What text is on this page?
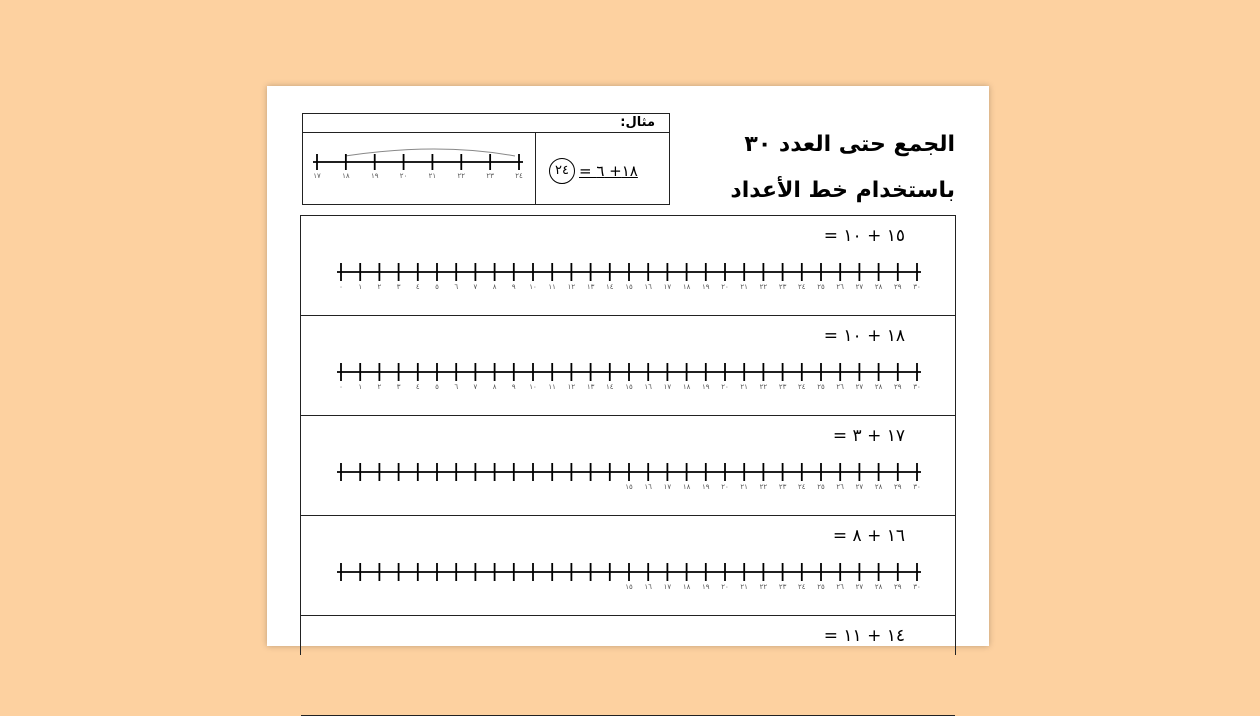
الجمع حتى العدد ٣٠
باستخدام خط الأعداد
مثال:
١٨+ ٦ =
٢٤
١٧	١٨	١٩	٢٠	٢١	٢٢	٢٣	٢٤
١٥ + ١٠ =
٠ ١ ٢ ٣ ٤ ٥ ٦ ٧ ٨ ٩ ١٠ ١١ ١٢ ١٣ ١٤ ١٥ ١٦ ١٧ ١٨ ١٩ ٢٠ ٢١ ٢٢ ٢٣ ٢٤ ٢٥ ٢٦ ٢٧ ٢٨ ٢٩ ٣٠
١٨ + ١٠ =
٠ ١ ٢ ٣ ٤ ٥ ٦ ٧ ٨ ٩ ١٠ ١١ ١٢ ١٣ ١٤ ١٥ ١٦ ١٧ ١٨ ١٩ ٢٠ ٢١ ٢٢ ٢٣ ٢٤ ٢٥ ٢٦ ٢٧ ٢٨ ٢٩ ٣٠
١٧ + ٣ =
١٥ ١٦ ١٧ ١٨ ١٩ ٢٠ ٢١ ٢٢ ٢٣ ٢٤ ٢٥ ٢٦ ٢٧ ٢٨ ٢٩ ٣٠
١٦ + ٨ =
١٥ ١٦ ١٧ ١٨ ١٩ ٢٠ ٢١ ٢٢ ٢٣ ٢٤ ٢٥ ٢٦ ٢٧ ٢٨ ٢٩ ٣٠
١٤ + ١١ =
